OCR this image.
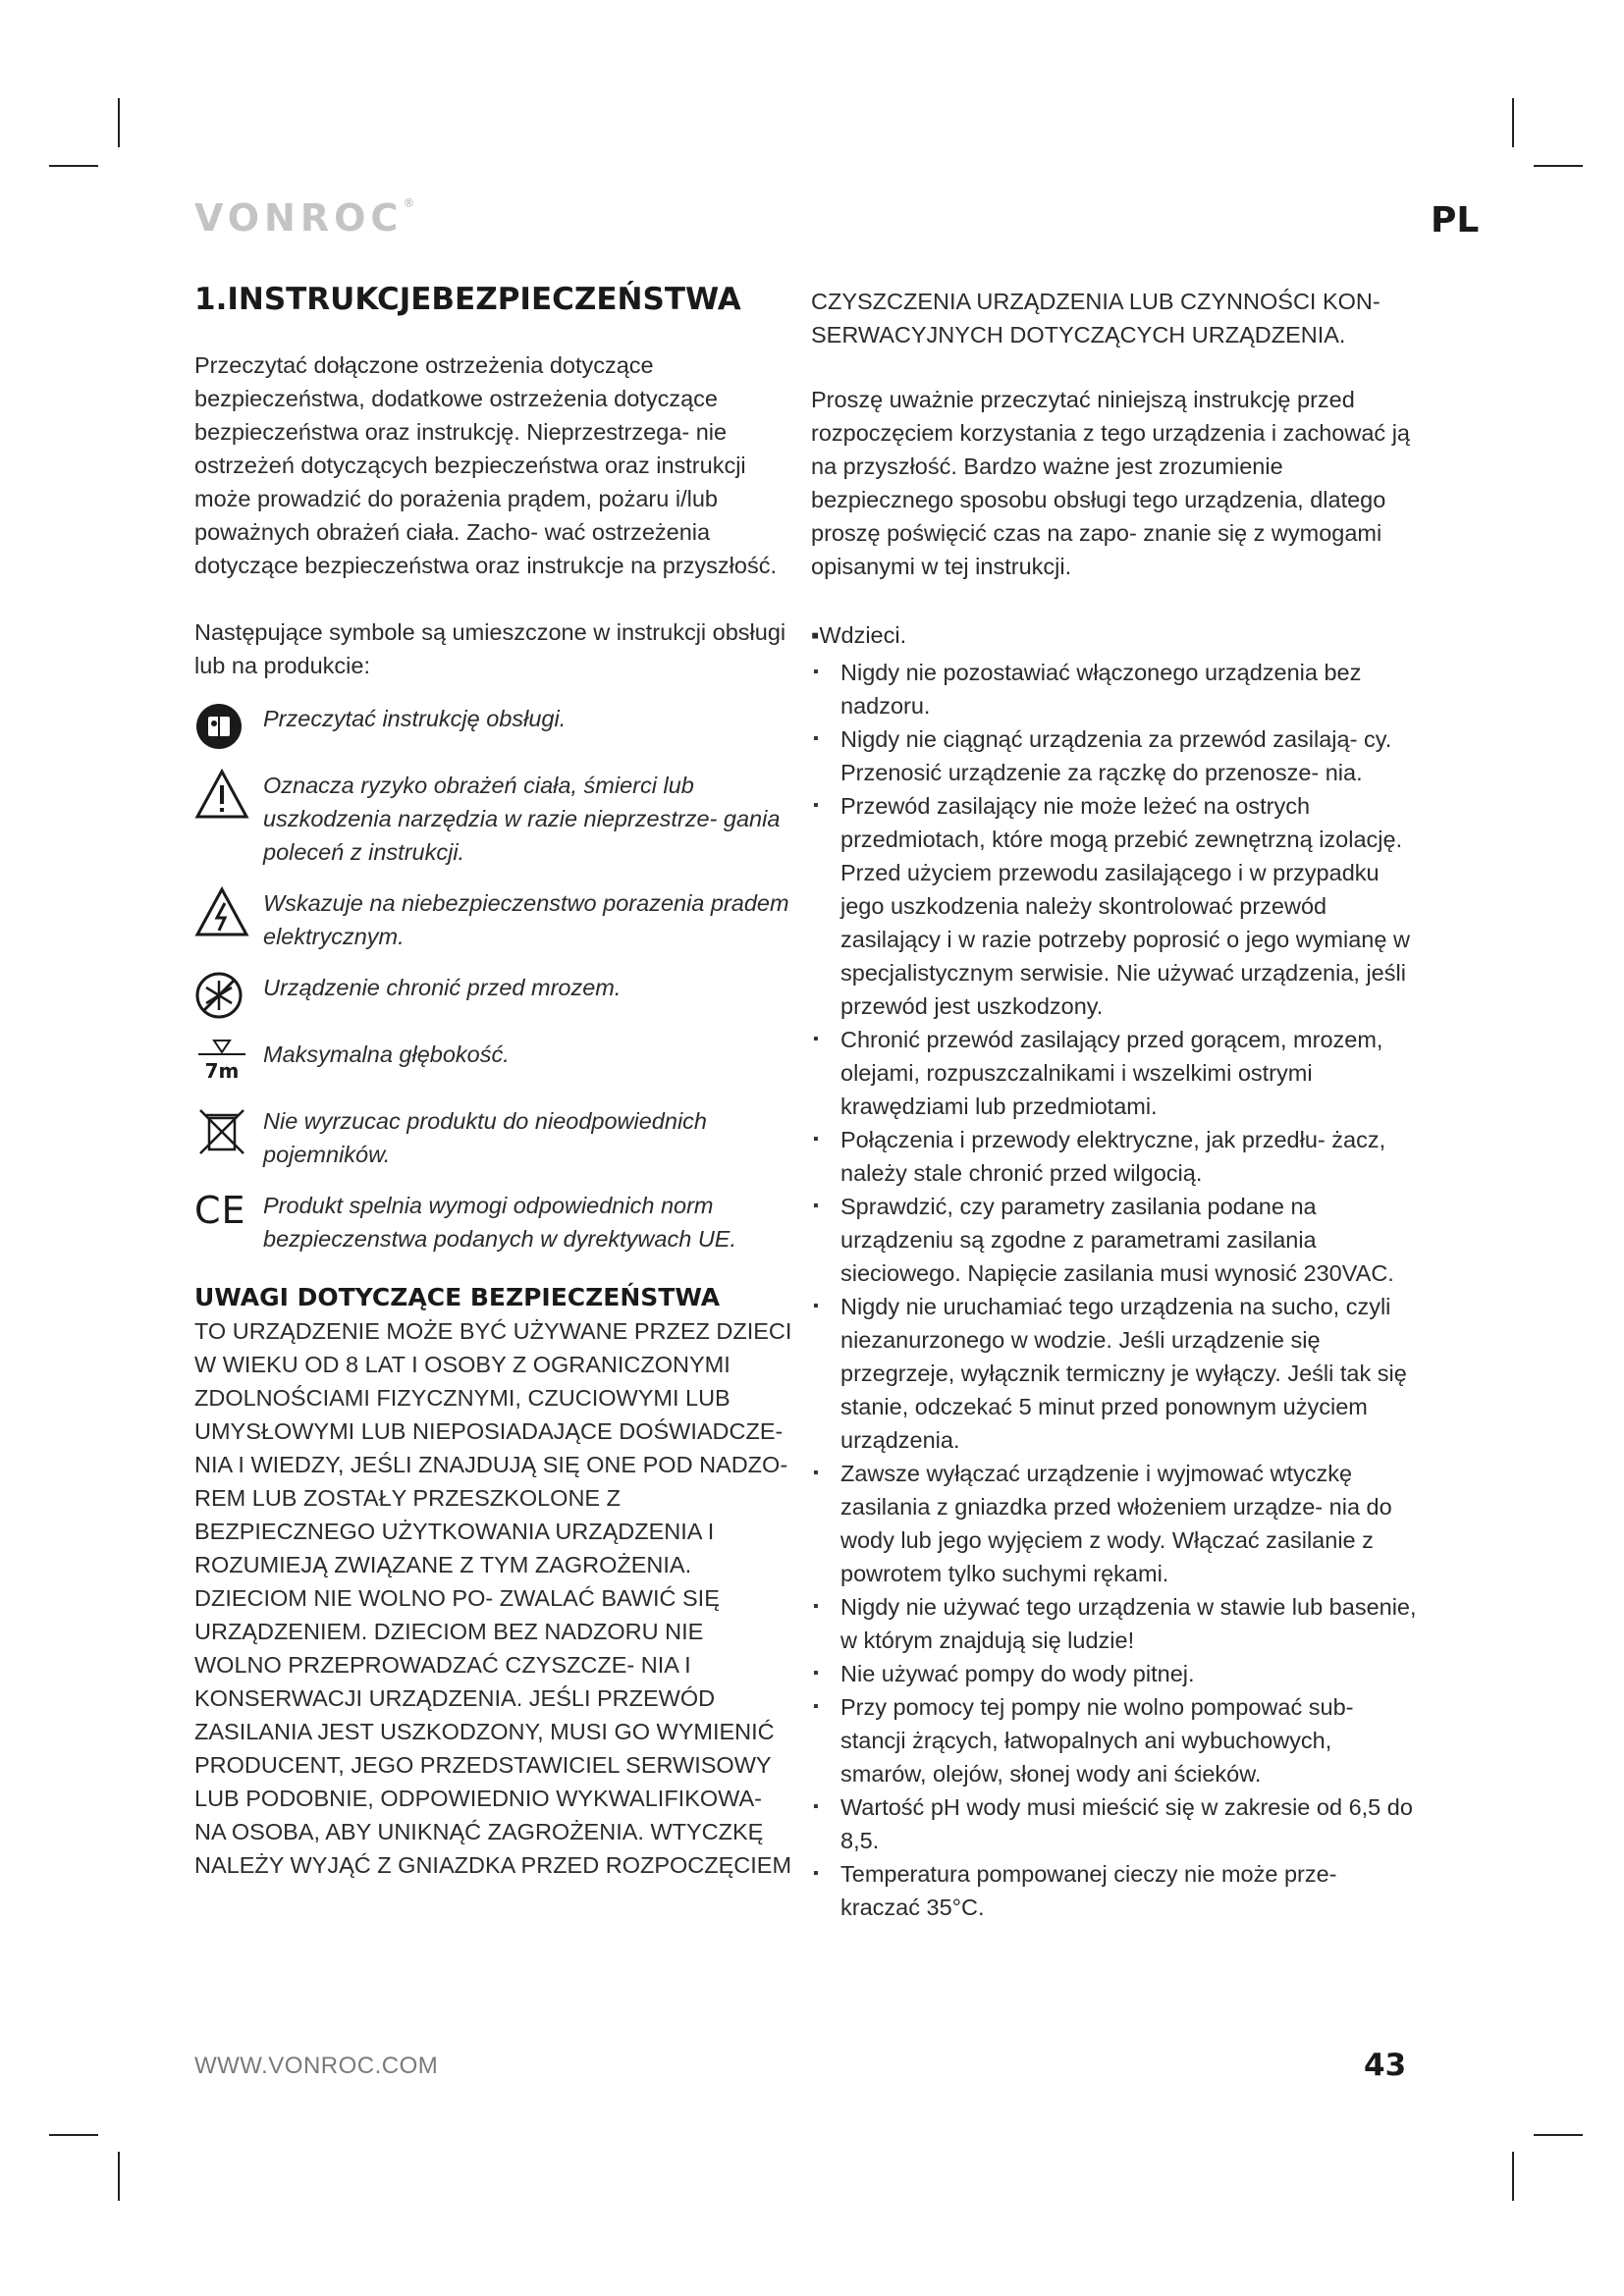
VONROC®	PL
1.INSTRUKCJEBEZPIECZEŃSTWA

Przeczytać dołączone ostrzeżenia dotyczące bezpieczeństwa, dodatkowe ostrzeżenia dotyczące bezpieczeństwa oraz instrukcję. Nieprzestrzega- nie ostrzeżeń dotyczących bezpieczeństwa oraz instrukcji może prowadzić do porażenia prądem, pożaru i/lub poważnych obrażeń ciała. Zacho- wać ostrzeżenia dotyczące bezpieczeństwa oraz instrukcje na przyszłość.

Następujące symbole są umieszczone w instrukcji obsługi lub na produkcie:

Przeczytać instrukcję obsługi.
Oznacza ryzyko obrażeń ciała, śmierci lub uszkodzenia narzędzia w razie nieprzestrze- gania poleceń z instrukcji.
Wskazuje na niebezpieczenstwo porazenia pradem elektrycznym.
Urządzenie chronić przed mrozem.
7m
Maksymalna głębokość.
Nie wyrzucac produktu do nieodpowiednich pojemników.
CE Produkt spelnia wymogi odpowiednich norm bezpieczenstwa podanych w dyrektywach UE.
UWAGI DOTYCZĄCE BEZPIECZEŃSTWA

TO URZĄDZENIE MOŻE BYĆ UŻYWANE PRZEZ DZIECI W WIEKU OD 8 LAT I OSOBY Z OGRANICZONYMI ZDOLNOŚCIAMI FIZYCZNYMI, CZUCIOWYMI LUB UMYSŁOWYMI LUB NIEPOSIADAJĄCE DOŚWIADCZE- NIA I WIEDZY, JEŚLI ZNAJDUJĄ SIĘ ONE POD NADZO- REM LUB ZOSTAŁY PRZESZKOLONE Z BEZPIECZNEGO UŻYTKOWANIA URZĄDZENIA I ROZUMIEJĄ ZWIĄZANE Z TYM ZAGROŻENIA. DZIECIOM NIE WOLNO PO- ZWALAĆ BAWIĆ SIĘ URZĄDZENIEM. DZIECIOM BEZ NADZORU NIE WOLNO PRZEPROWADZAĆ CZYSZCZE- NIA I KONSERWACJI URZĄDZENIA. JEŚLI PRZEWÓD ZASILANIA JEST USZKODZONY, MUSI GO WYMIENIĆ PRODUCENT, JEGO PRZEDSTAWICIEL SERWISOWY LUB PODOBNIE, ODPOWIEDNIO WYKWALIFIKOWA- NA OSOBA, ABY UNIKNĄĆ ZAGROŻENIA. WTYCZKĘ NALEŻY WYJĄĆ Z GNIAZDKA PRZED ROZPOCZĘCIEM

CZYSZCZENIA URZĄDZENIA LUB CZYNNOŚCI KON- SERWACYJNYCH DOTYCZĄCYCH URZĄDZENIA.

Proszę uważnie przeczytać niniejszą instrukcję przed rozpoczęciem korzystania z tego urządzenia i zachować ją na przyszłość. Bardzo ważne jest zrozumienie bezpiecznego sposobu obsługi tego urządzenia, dlatego proszę poświęcić czas na zapo- znanie się z wymogami opisanymi w tej instrukcji.

▪Wdzieci.

▪ Nigdy nie pozostawiać włączonego urządzenia bez nadzoru.
▪ Nigdy nie ciągnąć urządzenia za przewód zasilają- cy. Przenosić urządzenie za rączkę do przenosze- nia.
▪ Przewód zasilający nie może leżeć na ostrych przedmiotach, które mogą przebić zewnętrzną izolację. Przed użyciem przewodu zasilającego i w przypadku jego uszkodzenia należy skontrolować przewód zasilający i w razie potrzeby poprosić o jego wymianę w specjalistycznym serwisie. Nie używać urządzenia, jeśli przewód jest uszkodzony.
▪ Chronić przewód zasilający przed gorącem, mrozem, olejami, rozpuszczalnikami i wszelkimi ostrymi krawędziami lub przedmiotami.
▪ Połączenia i przewody elektryczne, jak przedłu- żacz, należy stale chronić przed wilgocią.
▪ Sprawdzić, czy parametry zasilania podane na urządzeniu są zgodne z parametrami zasilania sieciowego. Napięcie zasilania musi wynosić 230VAC.
▪ Nigdy nie uruchamiać tego urządzenia na sucho, czyli niezanurzonego w wodzie. Jeśli urządzenie się przegrzeje, wyłącznik termiczny je wyłączy. Jeśli tak się stanie, odczekać 5 minut przed ponownym użyciem urządzenia.
▪ Zawsze wyłączać urządzenie i wyjmować wtyczkę zasilania z gniazdka przed włożeniem urządze- nia do wody lub jego wyjęciem z wody. Włączać zasilanie z powrotem tylko suchymi rękami.
▪ Nigdy nie używać tego urządzenia w stawie lub basenie, w którym znajdują się ludzie!
▪ Nie używać pompy do wody pitnej.
▪ Przy pomocy tej pompy nie wolno pompować sub- stancji żrących, łatwopalnych ani wybuchowych, smarów, olejów, słonej wody ani ścieków.
▪ Wartość pH wody musi mieścić się w zakresie od 6,5 do 8,5.
▪ Temperatura pompowanej cieczy nie może prze- kraczać 35°C.
WWW.VONROC.COM	43
